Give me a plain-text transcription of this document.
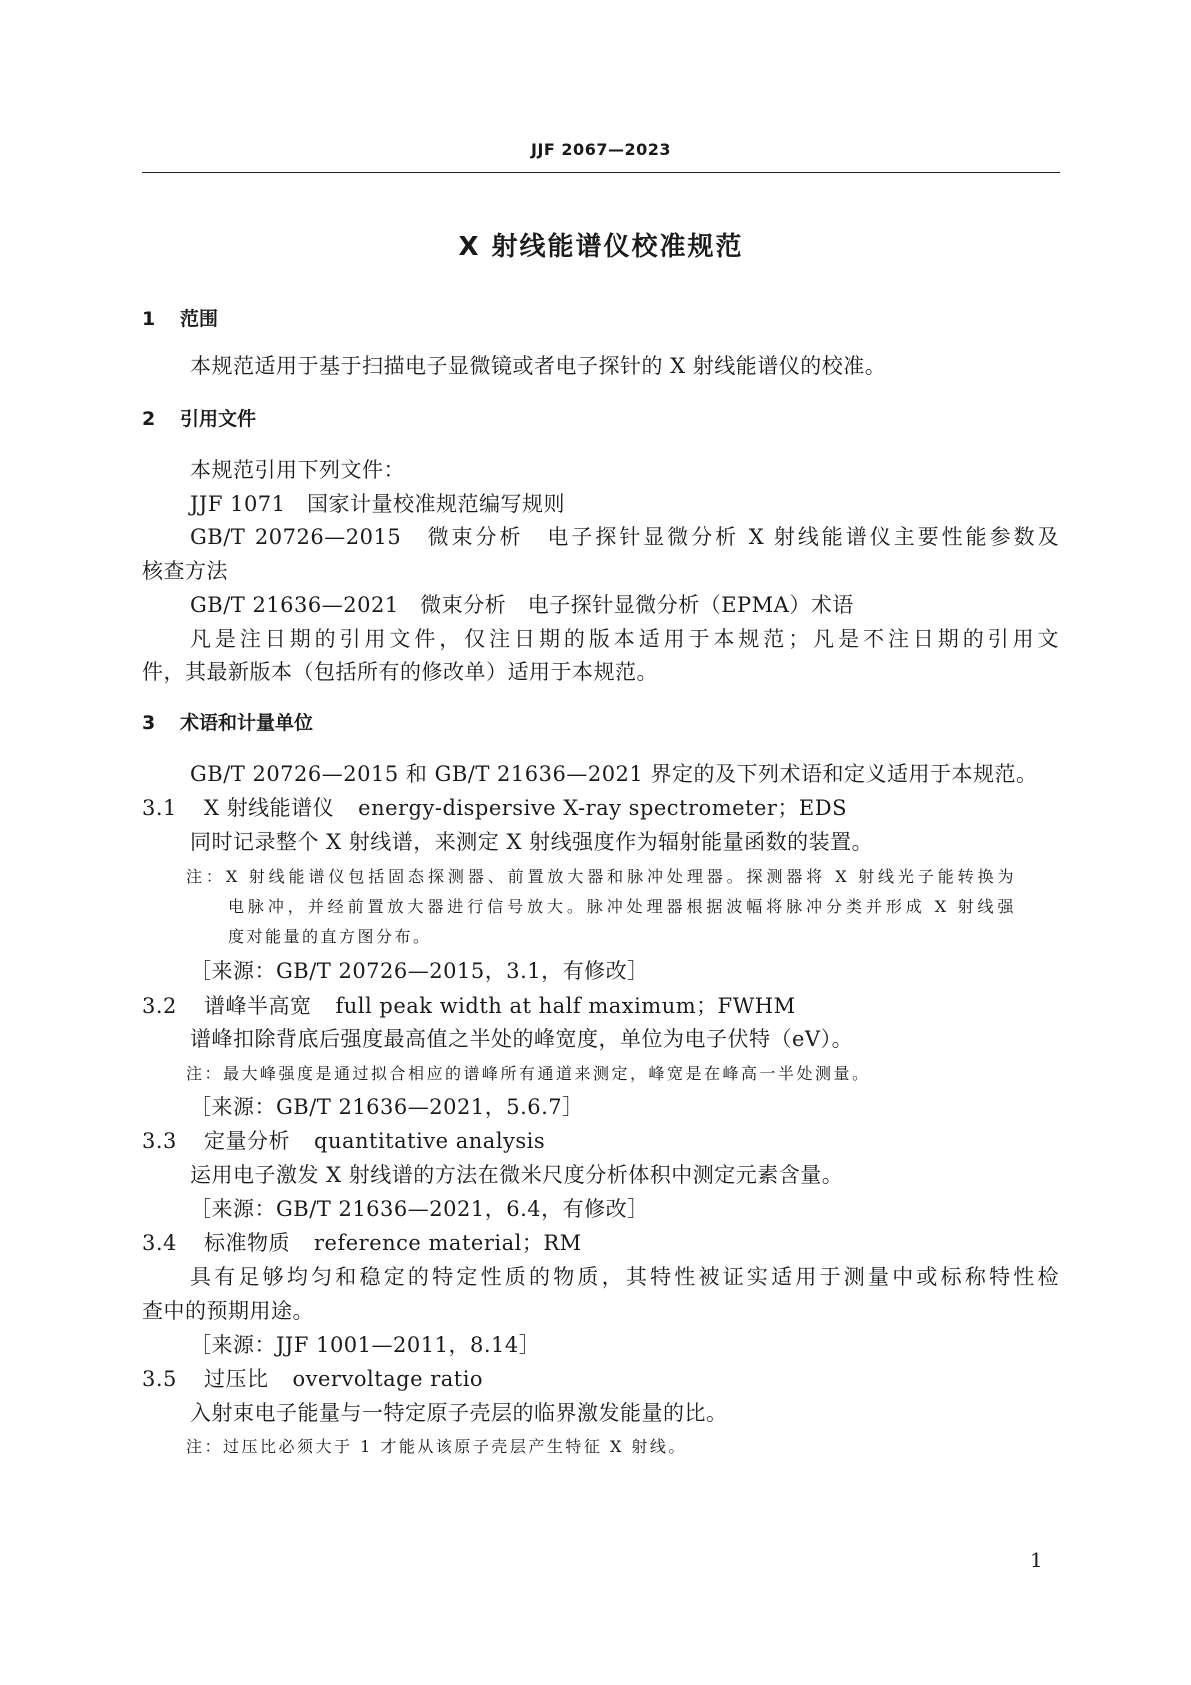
JJF 2067—2023
X 射线能谱仪校准规范
1 范围
本规范适用于基于扫描电子显微镜或者电子探针的 X 射线能谱仪的校准。
2 引用文件
本规范引用下列文件：
JJF 1071　国家计量校准规范编写规则
GB/T 20726—2015　微束分析　电子探针显微分析 X 射线能谱仪主要性能参数及
核查方法
GB/T 21636—2021　微束分析　电子探针显微分析（EPMA）术语
凡是注日期的引用文件，仅注日期的版本适用于本规范；凡是不注日期的引用文
件，其最新版本（包括所有的修改单）适用于本规范。
3 术语和计量单位
GB/T 20726—2015 和 GB/T 21636—2021 界定的及下列术语和定义适用于本规范。
3.1 X 射线能谱仪 energy-dispersive X-ray spectrometer；EDS
同时记录整个 X 射线谱，来测定 X 射线强度作为辐射能量函数的装置。
注：X 射线能谱仪包括固态探测器、前置放大器和脉冲处理器。探测器将 X 射线光子能转换为
电脉冲，并经前置放大器进行信号放大。脉冲处理器根据波幅将脉冲分类并形成 X 射线强
度对能量的直方图分布。
［来源：GB/T 20726—2015，3.1，有修改］
3.2 谱峰半高宽 full peak width at half maximum；FWHM
谱峰扣除背底后强度最高值之半处的峰宽度，单位为电子伏特（eV）。
注：最大峰强度是通过拟合相应的谱峰所有通道来测定，峰宽是在峰高一半处测量。
［来源：GB/T 21636—2021，5.6.7］
3.3 定量分析 quantitative analysis
运用电子激发 X 射线谱的方法在微米尺度分析体积中测定元素含量。
［来源：GB/T 21636—2021，6.4，有修改］
3.4 标准物质 reference material；RM
具有足够均匀和稳定的特定性质的物质，其特性被证实适用于测量中或标称特性检
查中的预期用途。
［来源：JJF 1001—2011，8.14］
3.5 过压比 overvoltage ratio
入射束电子能量与一特定原子壳层的临界激发能量的比。
注：过压比必须大于 1 才能从该原子壳层产生特征 X 射线。
1
